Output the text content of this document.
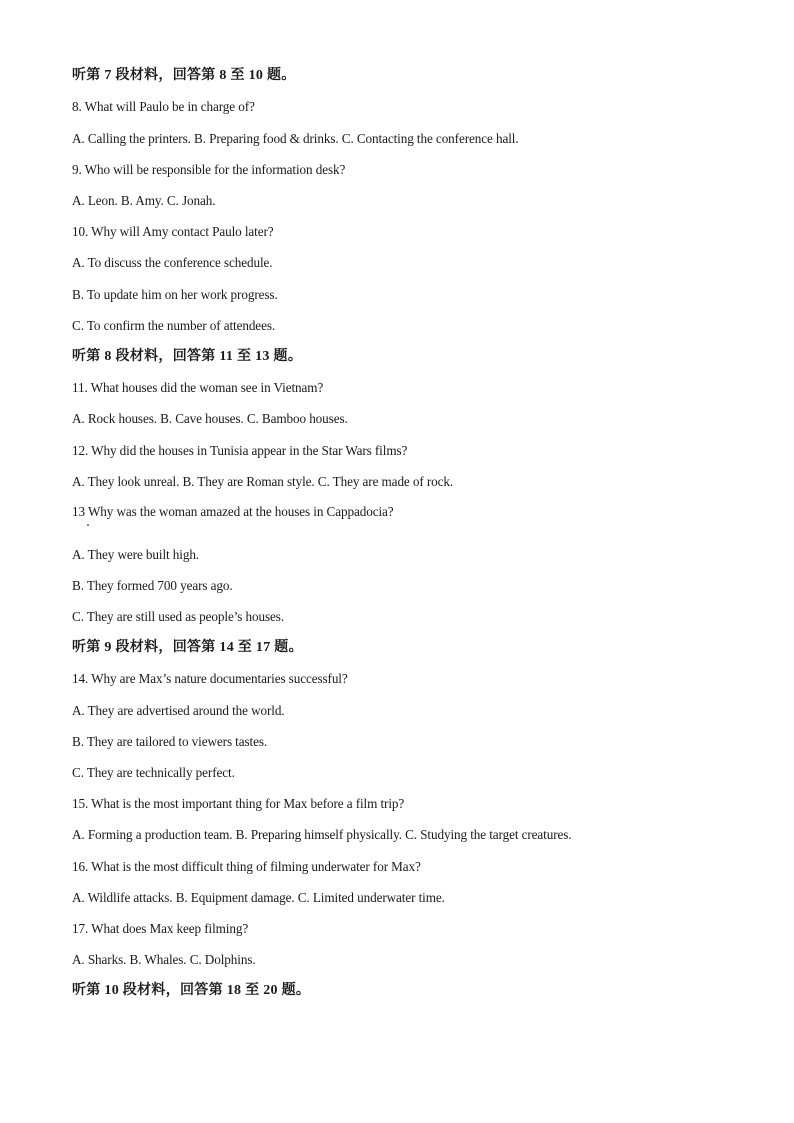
听第 7 段材料，回答第 8 至 10 题。
8. What will Paulo be in charge of?
A. Calling the printers. B. Preparing food & drinks. C. Contacting the conference hall.
9. Who will be responsible for the information desk?
A. Leon. B. Amy. C. Jonah.
10. Why will Amy contact Paulo later?
A. To discuss the conference schedule.
B. To update him on her work progress.
C. To confirm the number of attendees.
听第 8 段材料，回答第 11 至 13 题。
11. What houses did the woman see in Vietnam?
A. Rock houses. B. Cave houses. C. Bamboo houses.
12. Why did the houses in Tunisia appear in the Star Wars films?
A. They look unreal. B. They are Roman style. C. They are made of rock.
13 Why was the woman amazed at the houses in Cappadocia?
A. They were built high.
B. They formed 700 years ago.
C. They are still used as people’s houses.
听第 9 段材料，回答第 14 至 17 题。
14. Why are Max’s nature documentaries successful?
A. They are advertised around the world.
B. They are tailored to viewers tastes.
C. They are technically perfect.
15. What is the most important thing for Max before a film trip?
A. Forming a production team. B. Preparing himself physically. C. Studying the target creatures.
16. What is the most difficult thing of filming underwater for Max?
A. Wildlife attacks. B. Equipment damage. C. Limited underwater time.
17. What does Max keep filming?
A. Sharks. B. Whales. C. Dolphins.
听第 10 段材料，回答第 18 至 20 题。
